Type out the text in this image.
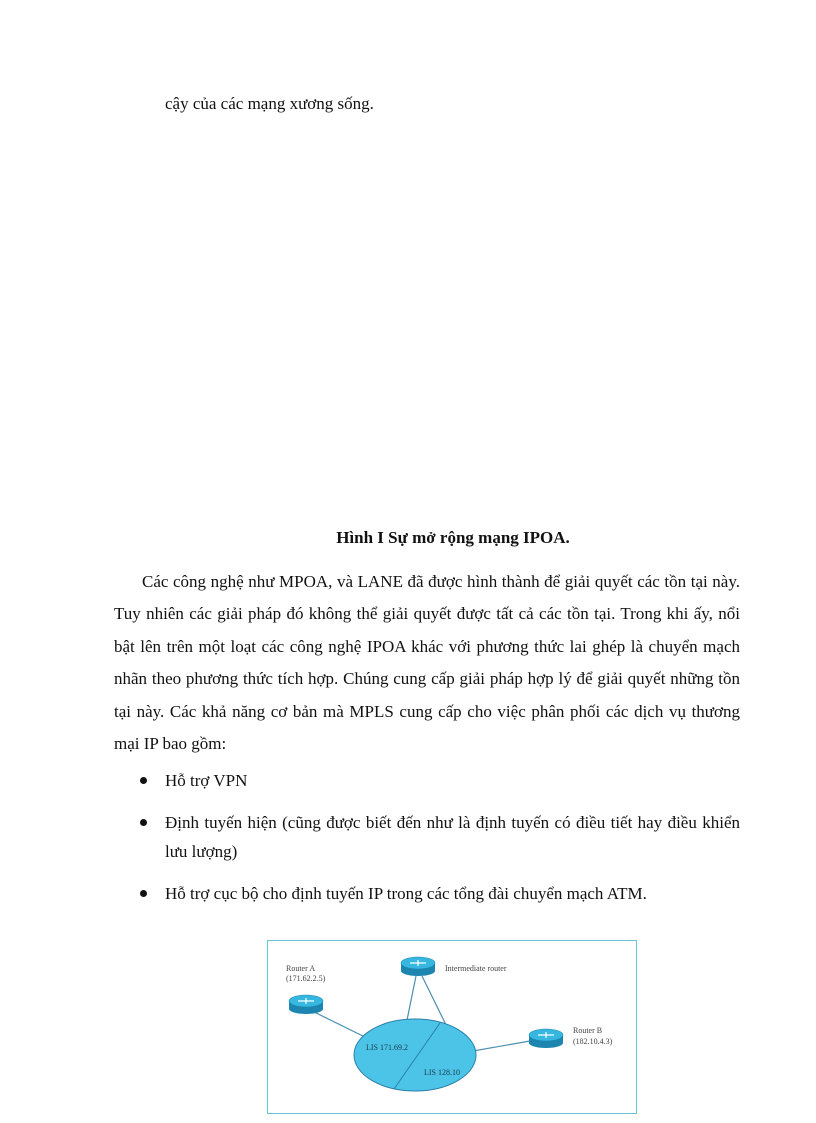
cậy của các mạng xương sống.
Hình I Sự mở rộng mạng IPOA.

Các công nghệ như MPOA, và LANE đã được hình thành để giải quyết các tồn tại này. Tuy nhiên các giải pháp đó không thể giải quyết được tất cả các tồn tại. Trong khi ấy, nổi bật lên trên một loạt các công nghệ IPOA khác với phương thức lai ghép là chuyển mạch nhãn theo phương thức tích hợp. Chúng cung cấp giải pháp hợp lý để giải quyết những tồn tại này. Các khả năng cơ bản mà MPLS cung cấp cho việc phân phối các dịch vụ thương mại IP bao gồm:

Hỗ trợ VPN
Định tuyến hiện (cũng được biết đến như là định tuyến có điều tiết hay điều khiển lưu lượng)
Hỗ trợ cục bộ cho định tuyến IP trong các tổng đài chuyển mạch ATM.
Router A
(171.62.2.5)
Intermediate router
Router B
(182.10.4.3)
LIS 171.69.2
LIS 128.10
